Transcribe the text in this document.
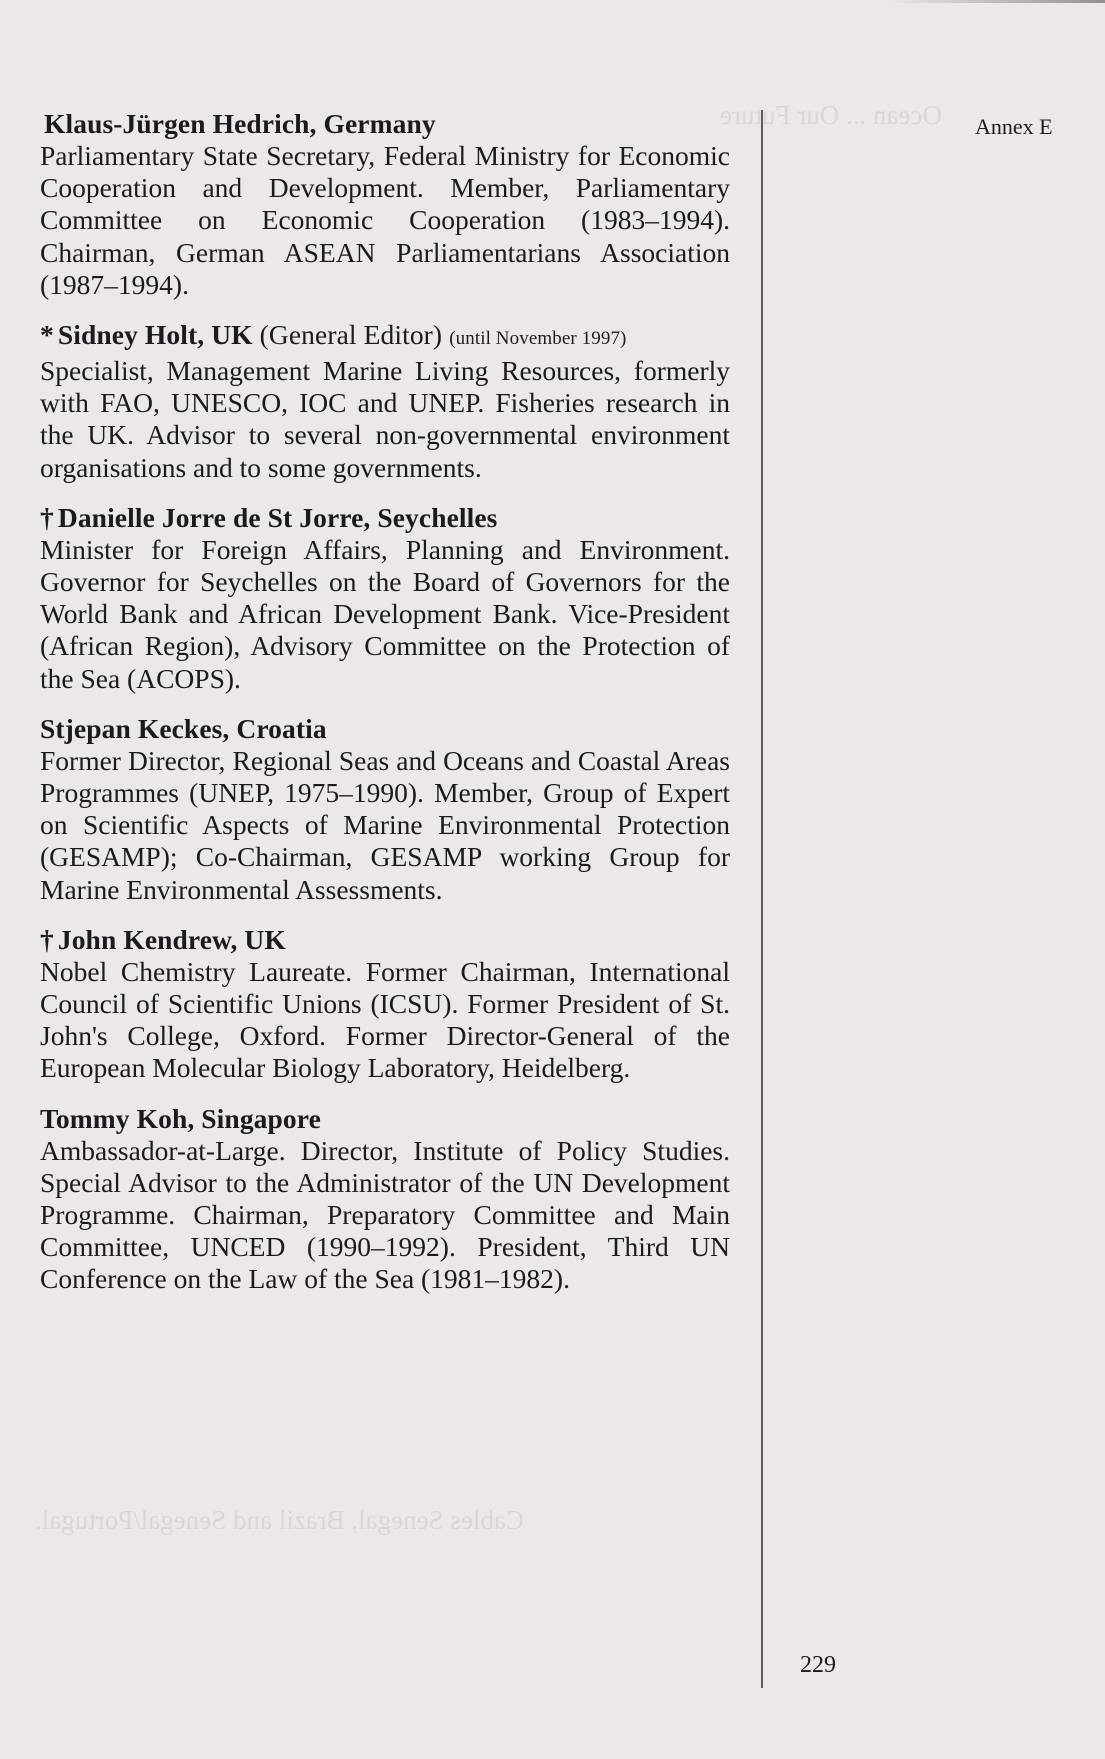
Ocean ... Our Future
Cables Senegal, Brazil and Senegal/Portugal.
Annex E
Klaus-Jürgen Hedrich, Germany
Parliamentary State Secretary, Federal Ministry for Economic Cooperation and Development. Member, Parliamentary Committee on Economic Cooperation (1983–1994). Chairman, German ASEAN Parliamentarians Association (1987–1994).
* Sidney Holt, UK (General Editor) (until November 1997)
Specialist, Management Marine Living Resources, formerly with FAO, UNESCO, IOC and UNEP. Fisheries research in the UK. Advisor to several non-governmental environment organisations and to some governments.
† Danielle Jorre de St Jorre, Seychelles
Minister for Foreign Affairs, Planning and Environment. Governor for Seychelles on the Board of Governors for the World Bank and African Development Bank. Vice-President (African Region), Advisory Committee on the Protection of the Sea (ACOPS).
Stjepan Keckes, Croatia
Former Director, Regional Seas and Oceans and Coastal Areas Programmes (UNEP, 1975–1990). Member, Group of Expert on Scientific Aspects of Marine Environmental Protection (GESAMP); Co-Chairman, GESAMP working Group for Marine Environmental Assessments.
† John Kendrew, UK
Nobel Chemistry Laureate. Former Chairman, International Council of Scientific Unions (ICSU). Former President of St. John's College, Oxford. Former Director-General of the European Molecular Biology Laboratory, Heidelberg.
Tommy Koh, Singapore
Ambassador-at-Large. Director, Institute of Policy Studies. Special Advisor to the Administrator of the UN Development Programme. Chairman, Preparatory Committee and Main Committee, UNCED (1990–1992). President, Third UN Conference on the Law of the Sea (1981–1982).
229
